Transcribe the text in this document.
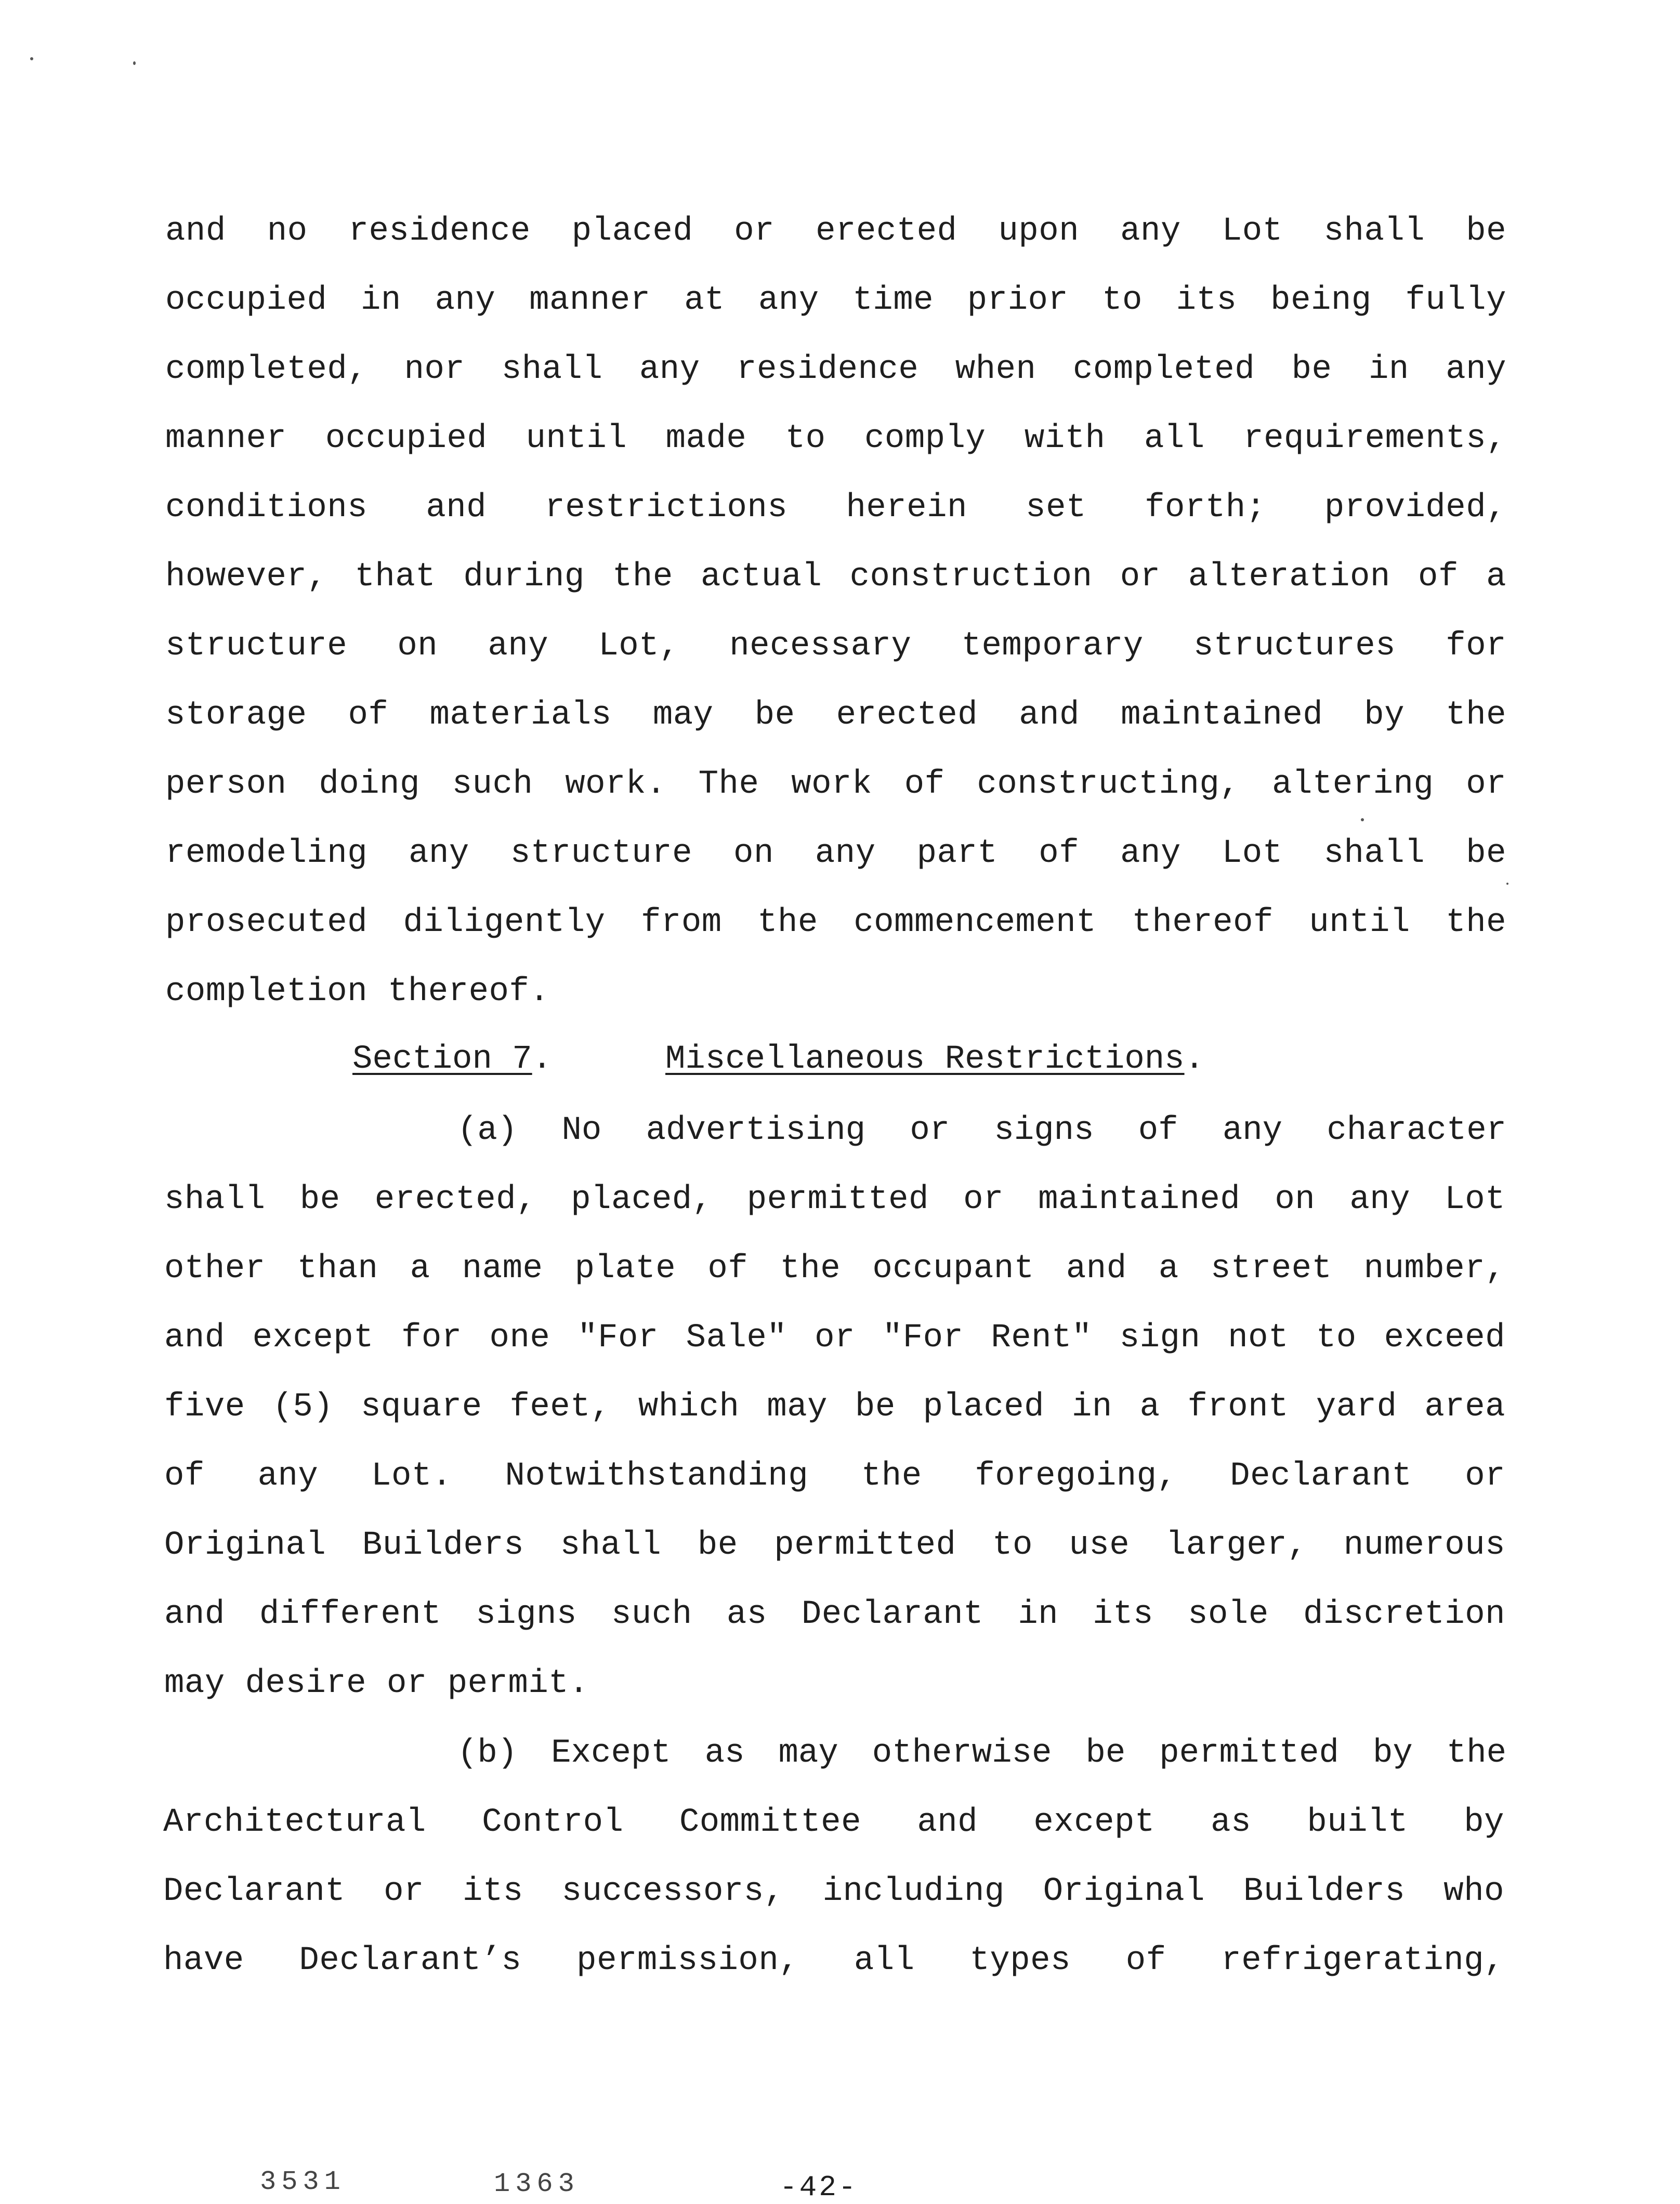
and no residence placed or erected upon any Lot shall be
occupied in any manner at any time prior to its being fully
completed, nor shall any residence when completed be in any
manner occupied until made to comply with all requirements,
conditions and restrictions herein set forth; provided,
however, that during the actual construction or alteration of a
structure on any Lot, necessary temporary structures for
storage of materials may be erected and maintained by the
person doing such work. The work of constructing, altering or
remodeling any structure on any part of any Lot shall be
prosecuted diligently from the commencement thereof until the
completion thereof.
Section 7.	Miscellaneous Restrictions.
(a) No advertising or signs of any character
shall be erected, placed, permitted or maintained on any Lot
other than a name plate of the occupant and a street number,
and except for one "For Sale" or "For Rent" sign not to exceed
five (5) square feet, which may be placed in a front yard area
of any Lot. Notwithstanding the foregoing, Declarant or
Original Builders shall be permitted to use larger, numerous
and different signs such as Declarant in its sole discretion
may desire or permit.
(b) Except as may otherwise be permitted by the
Architectural Control Committee and except as built by
Declarant or its successors, including Original Builders who
have Declarant’s permission, all types of refrigerating,
3531	1363	-42-
